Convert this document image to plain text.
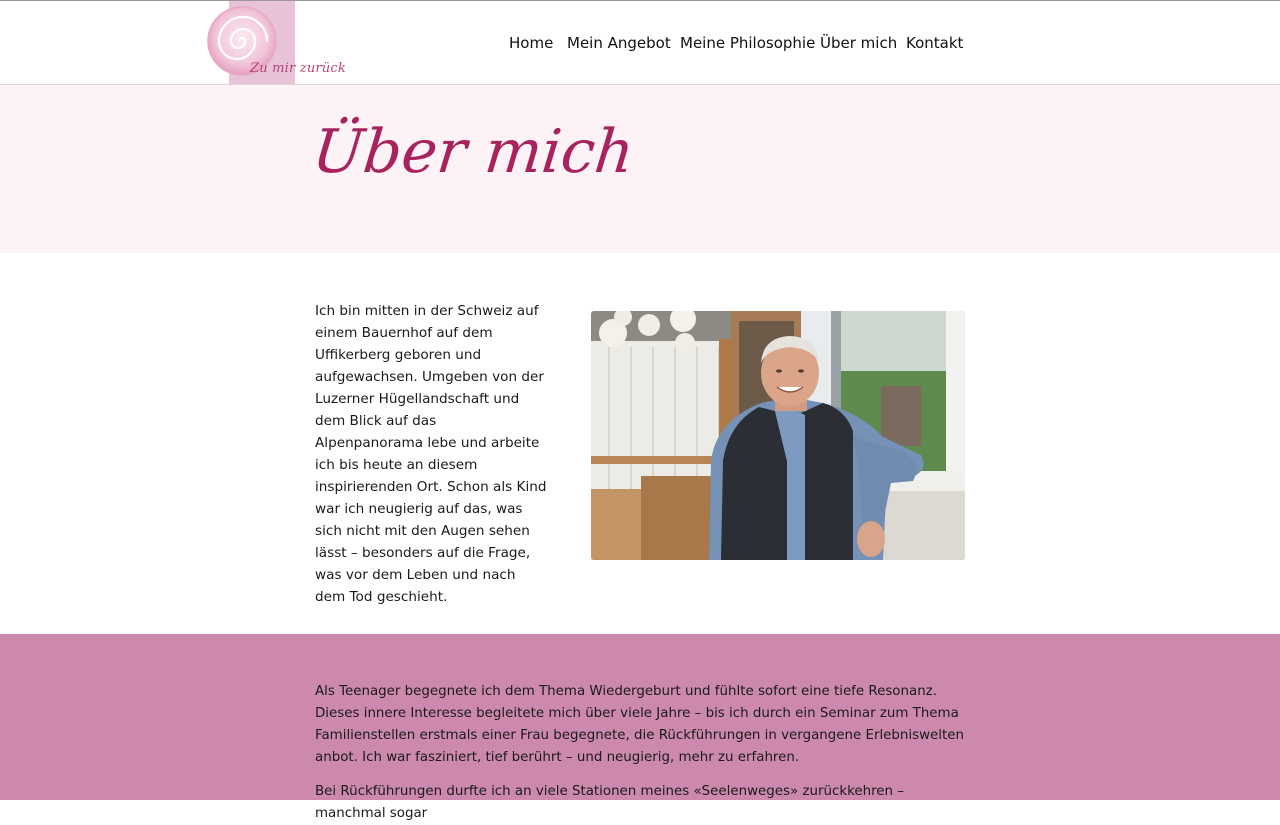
Zu mir zurück
Home Mein Angebot Meine Philosophie Über mich Kontakt
Über mich

Ich bin mitten in der Schweiz auf einem Bauernhof auf dem Uffikerberg geboren und aufgewachsen. Umgeben von der Luzerner Hügellandschaft und dem Blick auf das Alpenpanorama lebe und arbeite ich bis heute an diesem inspirierenden Ort. Schon als Kind war ich neugierig auf das, was sich nicht mit den Augen sehen lässt – besonders auf die Frage, was vor dem Leben und nach dem Tod geschieht.

Als Teenager begegnete ich dem Thema Wiedergeburt und fühlte sofort eine tiefe Resonanz. Dieses innere Interesse begleitete mich über viele Jahre – bis ich durch ein Seminar zum Thema Familienstellen erstmals einer Frau begegnete, die Rückführungen in vergangene Erlebniswelten anbot. Ich war fasziniert, tief berührt – und neugierig, mehr zu erfahren.

Bei Rückführungen durfte ich an viele Stationen meines «Seelenweges» zurückkehren – manchmal sogar
